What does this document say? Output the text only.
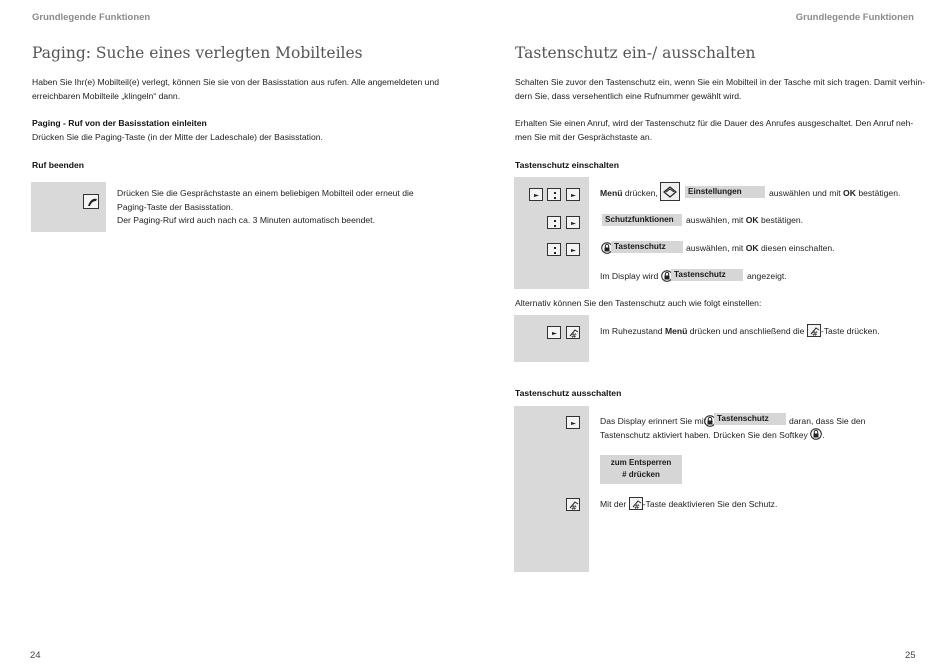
Grundlegende Funktionen	Grundlegende Funktionen
Paging: Suche eines verlegten Mobilteiles
Haben Sie Ihr(e) Mobilteil(e) verlegt, können Sie sie von der Basisstation aus rufen. Alle angemeldeten und
erreichbaren Mobilteile „klingeln“ dann.
Paging - Ruf von der Basisstation einleiten
Drücken Sie die Paging-Taste (in der Mitte der Ladeschale) der Basisstation.
Ruf beenden
Drücken Sie die Gesprächstaste an einem beliebigen Mobilteil oder erneut die
Paging-Taste der Basisstation.
Der Paging-Ruf wird auch nach ca. 3 Minuten automatisch beendet.
24
Tastenschutz ein-/ ausschalten
Schalten Sie zuvor den Tastenschutz ein, wenn Sie ein Mobilteil in der Tasche mit sich tragen. Damit verhin-
dern Sie, dass versehentlich eine Rufnummer gewählt wird.
Erhalten Sie einen Anruf, wird der Tastenschutz für die Dauer des Anrufes ausgeschaltet. Den Anruf neh-
men Sie mit der Gesprächstaste an.
Tastenschutz einschalten
Menü drücken,	Einstellungen	auswählen und mit OK bestätigen.
Schutzfunktionen	auswählen, mit OK bestätigen.
Tastenschutz	auswählen, mit OK diesen einschalten.
Im Display wird	Tastenschutz	angezeigt.
Alternativ können Sie den Tastenschutz auch wie folgt einstellen:
#	Im Ruhezustand Menü drücken und anschließend die # -Taste drücken.
Tastenschutz ausschalten
#
Das Display erinnert Sie mit	Tastenschutz	daran, dass Sie den
Tastenschutz aktiviert haben. Drücken Sie den Softkey .
zum Entsperren
# drücken
Mit der # -Taste deaktivieren Sie den Schutz.
25
